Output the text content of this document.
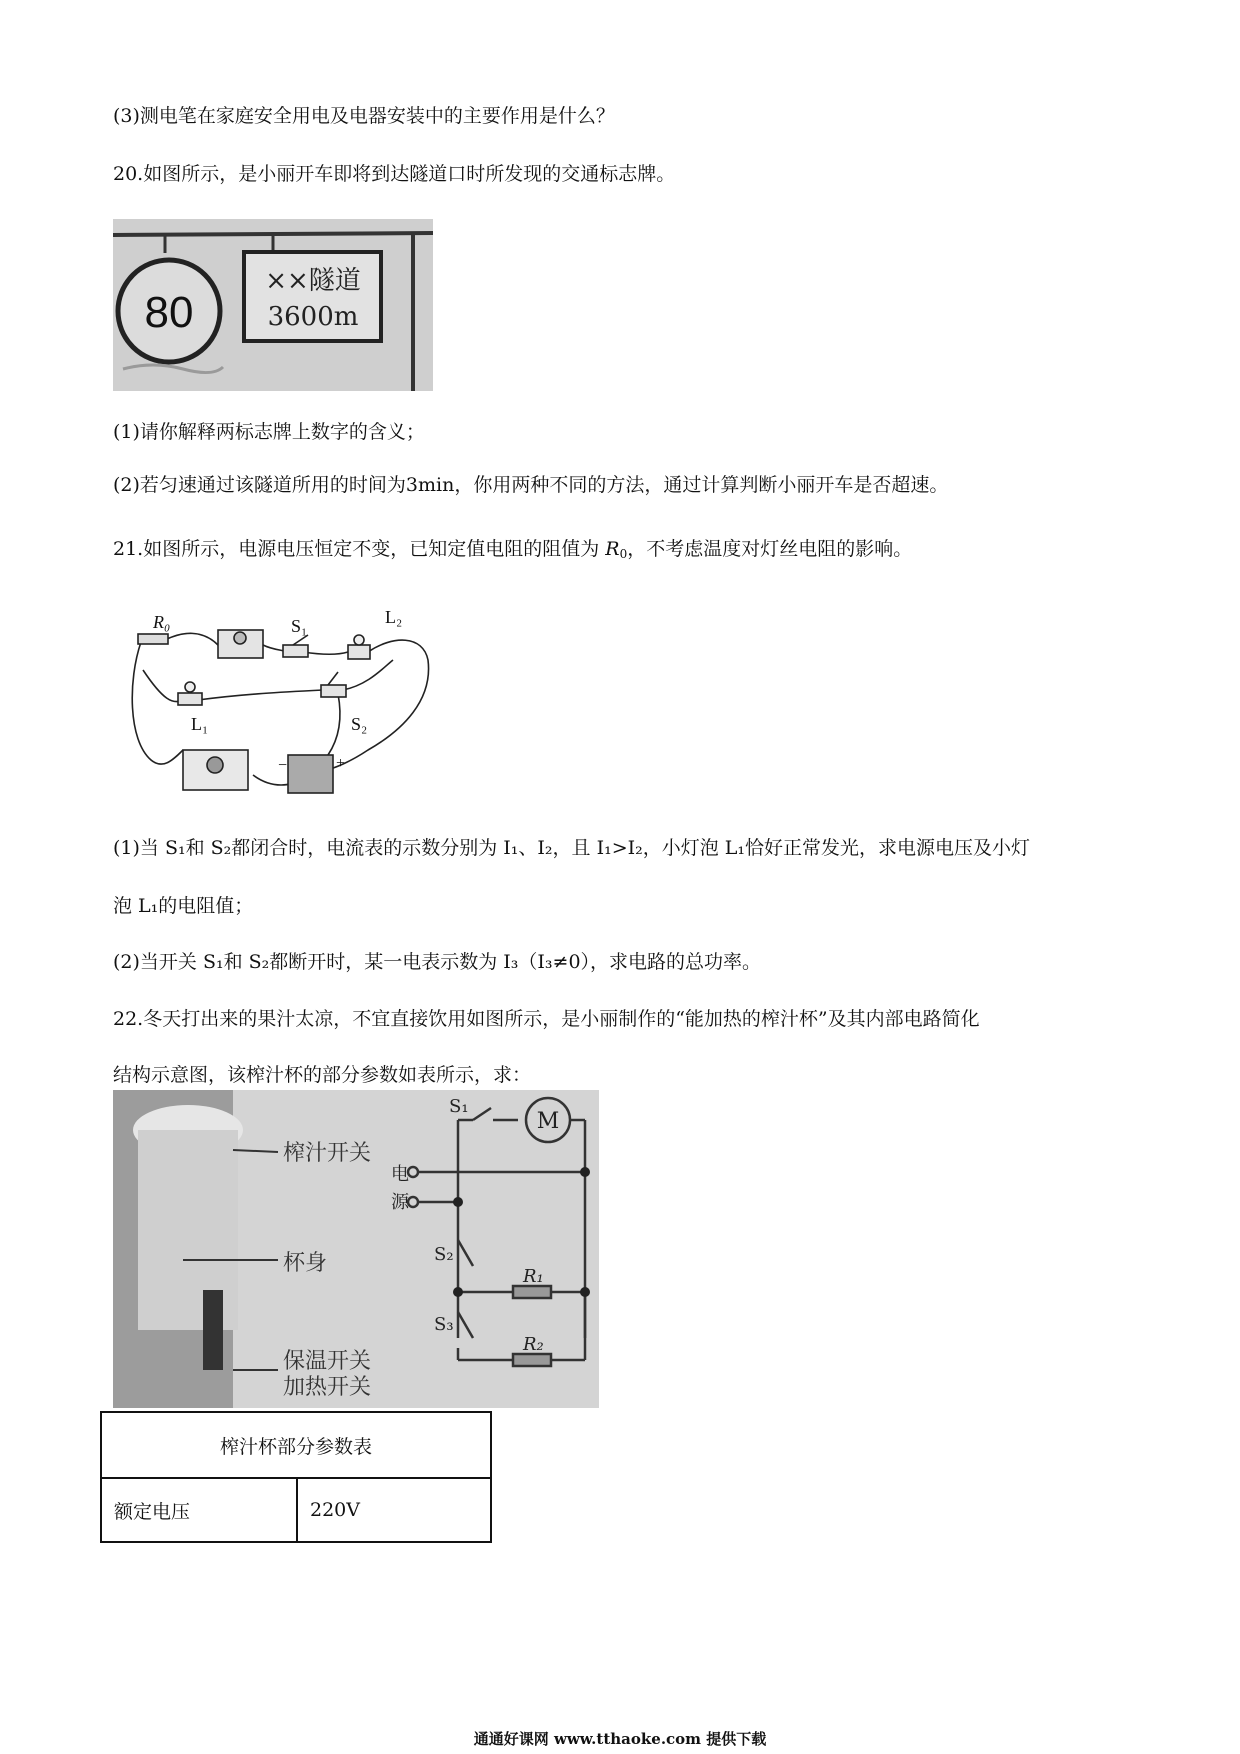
(3)测电笔在家庭安全用电及电器安装中的主要作用是什么？
20.如图所示，是小丽开车即将到达隧道口时所发现的交通标志牌。
80
××隧道
3600m
(1)请你解释两标志牌上数字的含义；
(2)若匀速通过该隧道所用的时间为3min，你用两种不同的方法，通过计算判断小丽开车是否超速。
21.如图所示，电源电压恒定不变，已知定值电阻的阻值为 $R_0$，不考虑温度对灯丝电阻的影响。
R₀	S₁	L₂
L₁	S₂
−	+
(1)当 S₁和 S₂都闭合时，电流表的示数分别为 I₁、I₂，且 I₁>I₂，小灯泡 L₁恰好正常发光，求电源电压及小灯
泡 L₁的电阻值；
(2)当开关 S₁和 S₂都断开时，某一电表示数为 I₃（I₃≠0），求电路的总功率。
22.冬天打出来的果汁太凉，不宜直接饮用如图所示，是小丽制作的“能加热的榨汁杯”及其内部电路简化
结构示意图，该榨汁杯的部分参数如表所示，求：
榨汁开关
杯身
保温开关
加热开关
电
源
S₁
S₂
S₃
M
R₁
R₂
榨汁杯部分参数表
额定电压	220V
通通好课网 www.tthaoke.com 提供下载
